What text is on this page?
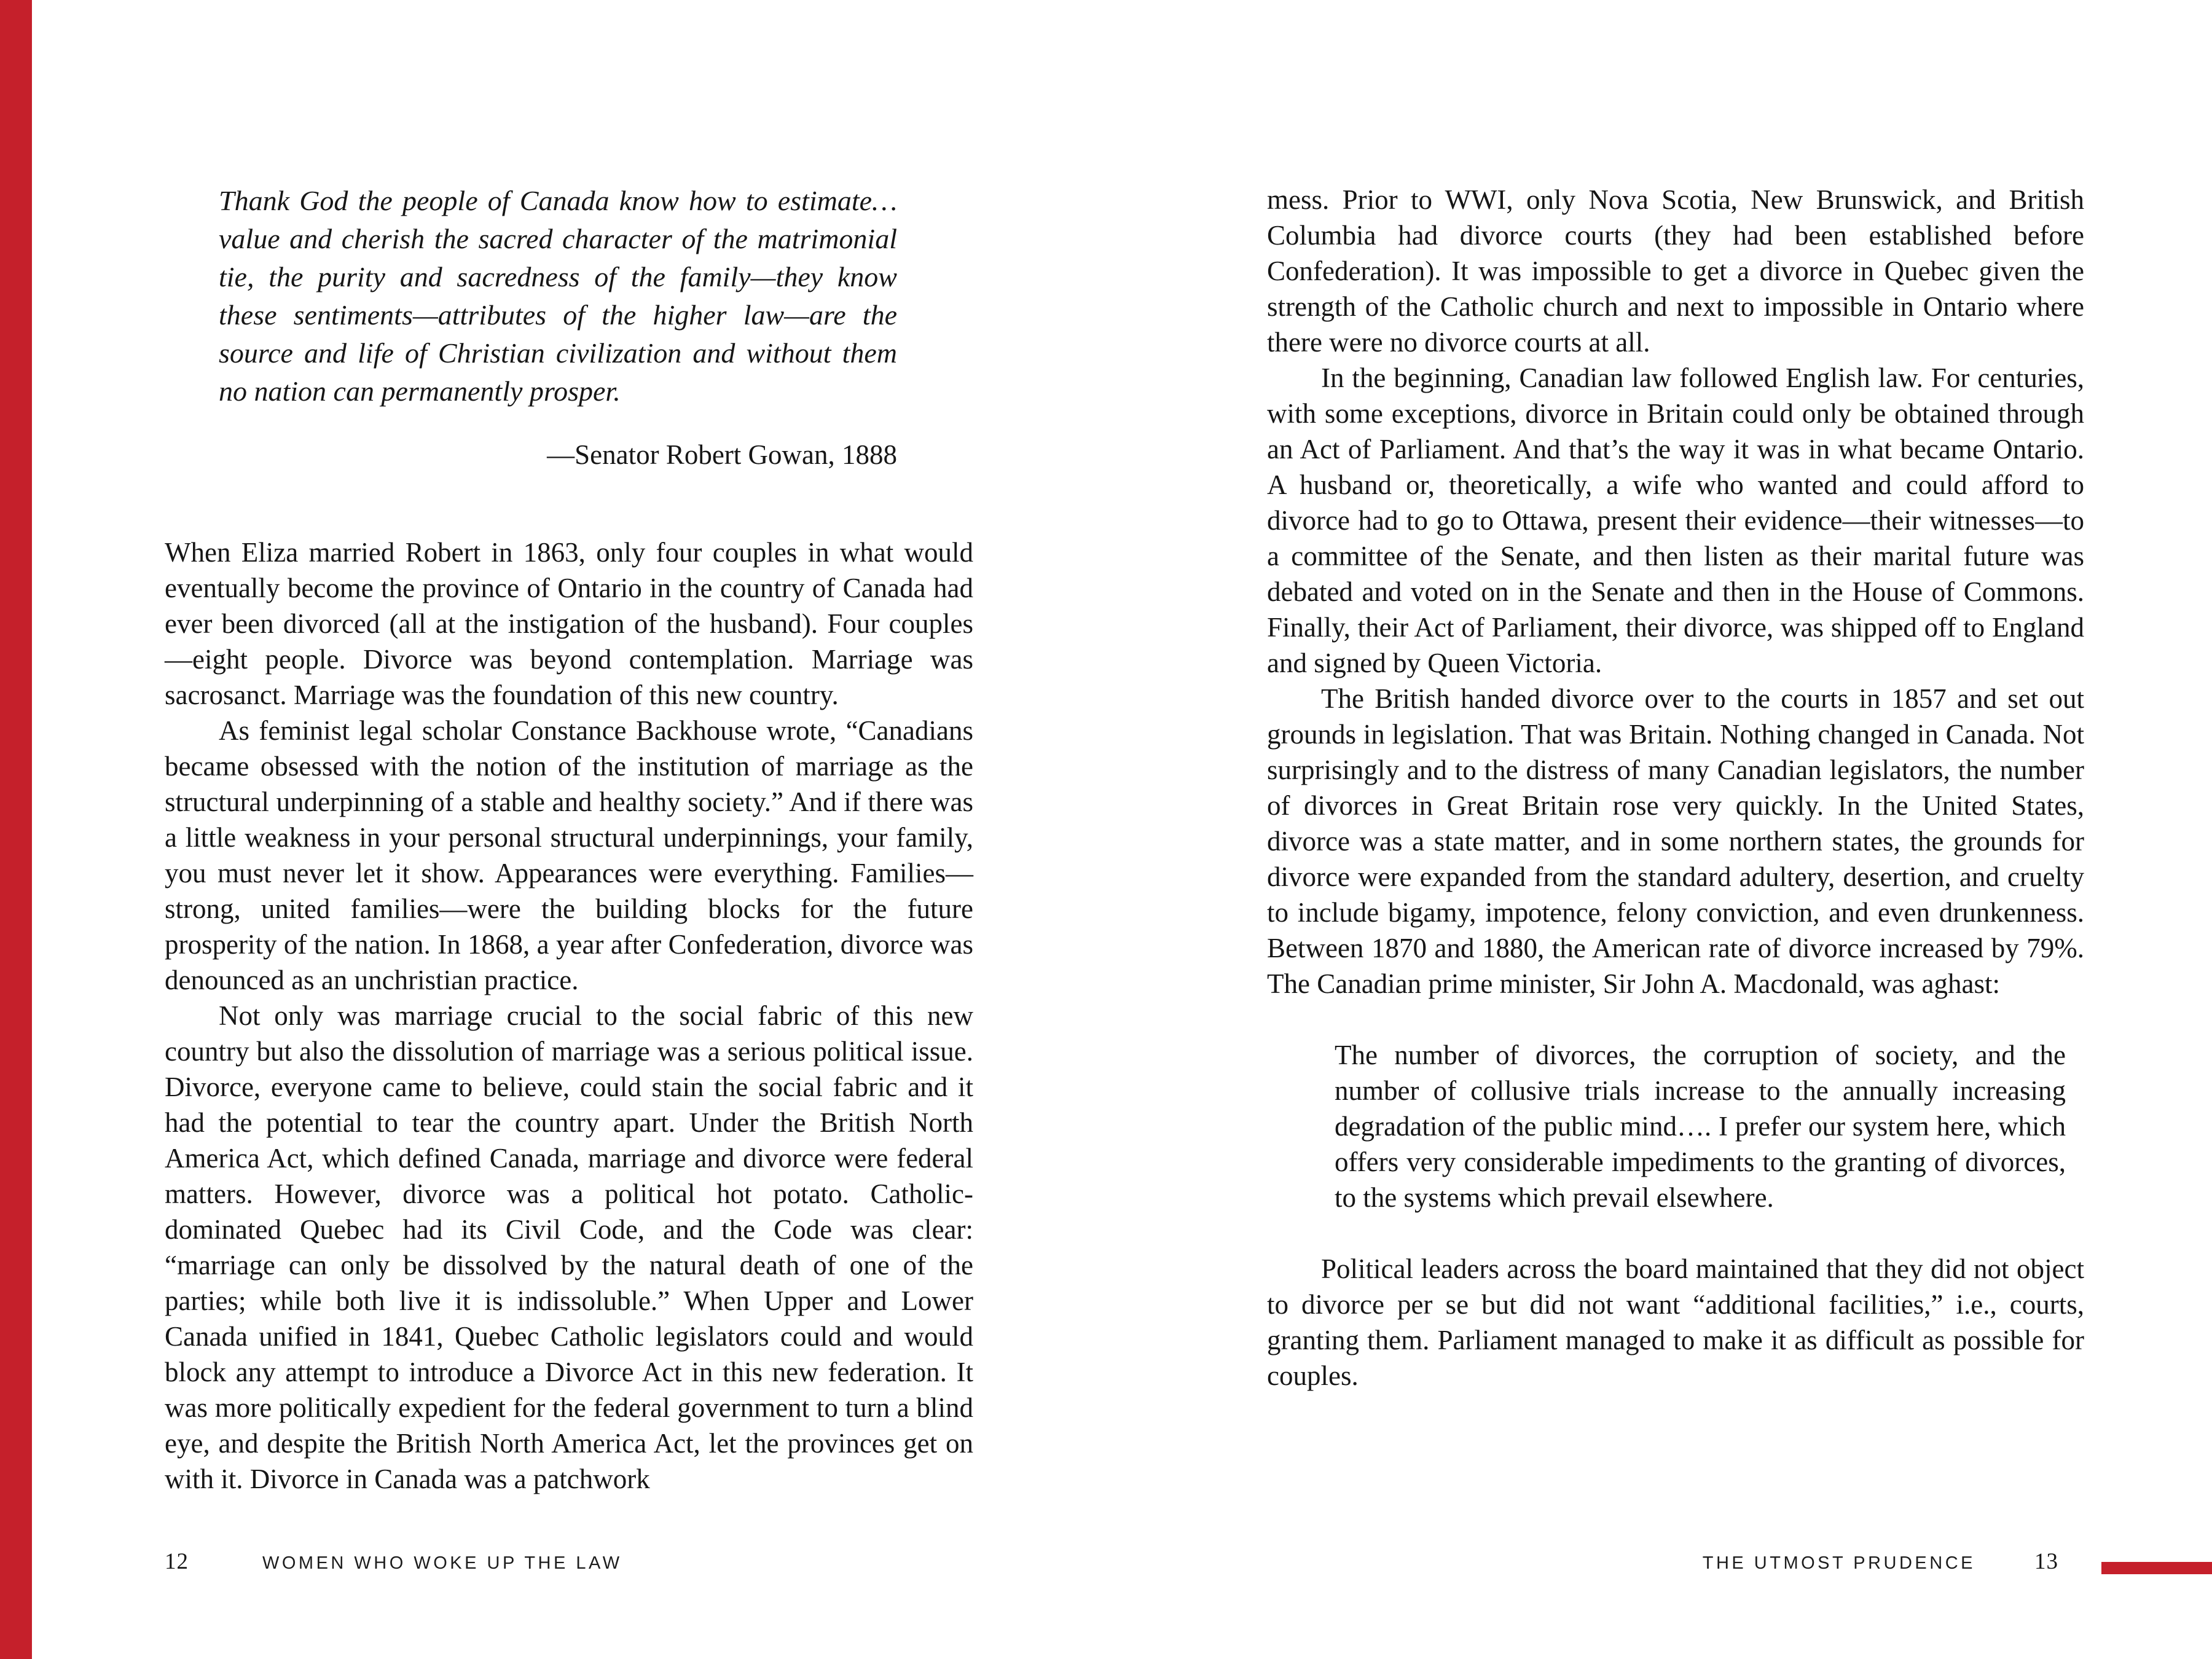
Thank God the people of Canada know how to estimate… value and cherish the sacred character of the matrimonial tie, the purity and sacredness of the family—they know these sentiments—attributes of the higher law—are the source and life of Christian civilization and without them no nation can permanently prosper.
—Senator Robert Gowan, 1888

When Eliza married Robert in 1863, only four couples in what would eventually become the province of Ontario in the country of Canada had ever been divorced (all at the instigation of the husband). Four couples—eight people. Divorce was beyond contemplation. Marriage was sacrosanct. Marriage was the foundation of this new country.

As feminist legal scholar Constance Backhouse wrote, “Canadians became obsessed with the notion of the institution of marriage as the structural underpinning of a stable and healthy society.” And if there was a little weakness in your personal structural underpinnings, your family, you must never let it show. Appearances were everything. Families—strong, united families—were the building blocks for the future prosperity of the nation. In 1868, a year after Confederation, divorce was denounced as an unchristian practice.

Not only was marriage crucial to the social fabric of this new country but also the dissolution of marriage was a serious political issue. Divorce, everyone came to believe, could stain the social fabric and it had the potential to tear the country apart. Under the British North America Act, which defined Canada, marriage and divorce were federal matters. However, divorce was a political hot potato. Catholic-dominated Quebec had its Civil Code, and the Code was clear: “marriage can only be dissolved by the natural death of one of the parties; while both live it is indissoluble.” When Upper and Lower Canada unified in 1841, Quebec Catholic legislators could and would block any attempt to introduce a Divorce Act in this new federation. It was more politically expedient for the federal government to turn a blind eye, and despite the British North America Act, let the provinces get on with it. Divorce in Canada was a patchwork

mess. Prior to WWI, only Nova Scotia, New Brunswick, and British Columbia had divorce courts (they had been established before Confederation). It was impossible to get a divorce in Quebec given the strength of the Catholic church and next to impossible in Ontario where there were no divorce courts at all.

In the beginning, Canadian law followed English law. For centuries, with some exceptions, divorce in Britain could only be obtained through an Act of Parliament. And that’s the way it was in what became Ontario. A husband or, theoretically, a wife who wanted and could afford to divorce had to go to Ottawa, present their evidence—their witnesses—to a committee of the Senate, and then listen as their marital future was debated and voted on in the Senate and then in the House of Commons. Finally, their Act of Parliament, their divorce, was shipped off to England and signed by Queen Victoria.

The British handed divorce over to the courts in 1857 and set out grounds in legislation. That was Britain. Nothing changed in Canada. Not surprisingly and to the distress of many Canadian legislators, the number of divorces in Great Britain rose very quickly. In the United States, divorce was a state matter, and in some northern states, the grounds for divorce were expanded from the standard adultery, desertion, and cruelty to include bigamy, impotence, felony conviction, and even drunkenness. Between 1870 and 1880, the American rate of divorce increased by 79%. The Canadian prime minister, Sir John A. Macdonald, was aghast:

The number of divorces, the corruption of society, and the number of collusive trials increase to the annually increasing degradation of the public mind…. I prefer our system here, which offers very considerable impediments to the granting of divorces, to the systems which prevail elsewhere.

Political leaders across the board maintained that they did not object to divorce per se but did not want “additional facilities,” i.e., courts, granting them. Parliament managed to make it as difficult as possible for couples.

12	WOMEN WHO WOKE UP THE LAW	THE UTMOST PRUDENCE	13
